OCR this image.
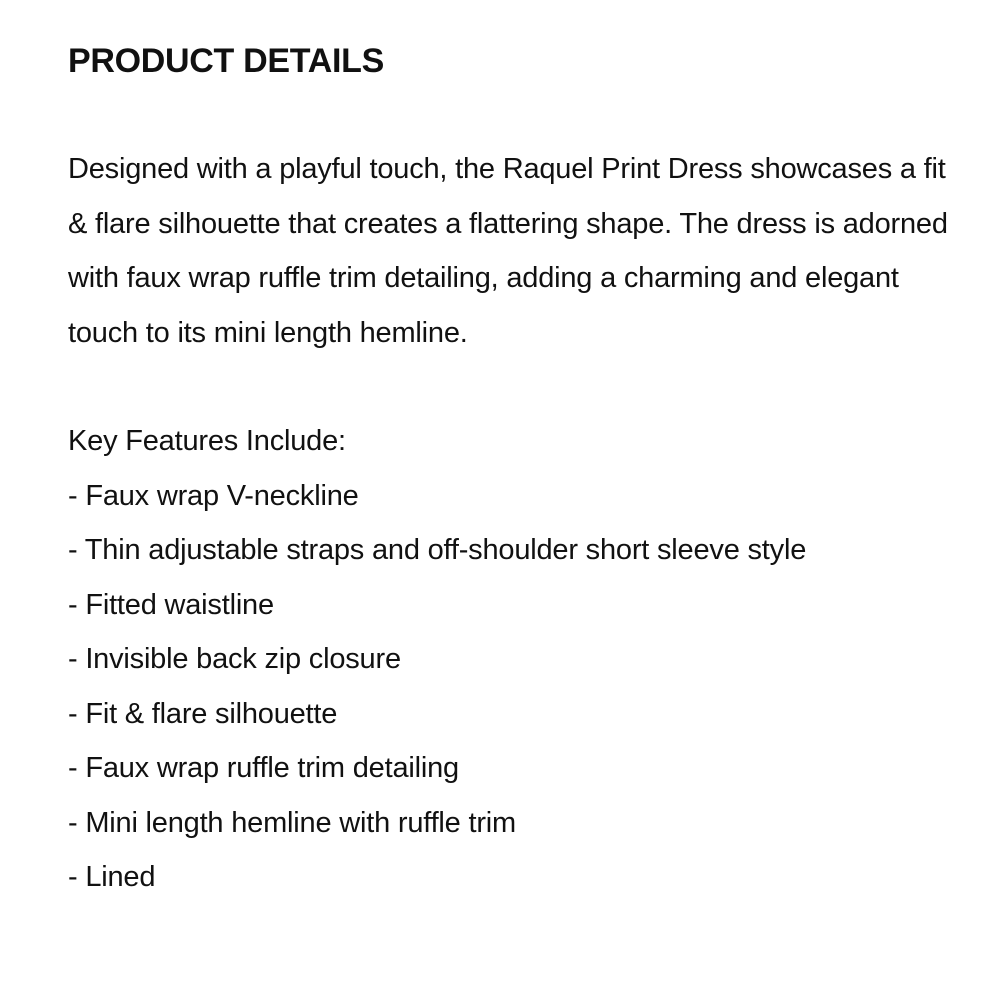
PRODUCT DETAILS

Designed with a playful touch, the Raquel Print Dress showcases a fit & flare silhouette that creates a flattering shape. The dress is adorned with faux wrap ruffle trim detailing, adding a charming and elegant touch to its mini length hemline.

Key Features Include:

- Faux wrap V-neckline
- Thin adjustable straps and off-shoulder short sleeve style
- Fitted waistline
- Invisible back zip closure
- Fit & flare silhouette
- Faux wrap ruffle trim detailing
- Mini length hemline with ruffle trim
- Lined
